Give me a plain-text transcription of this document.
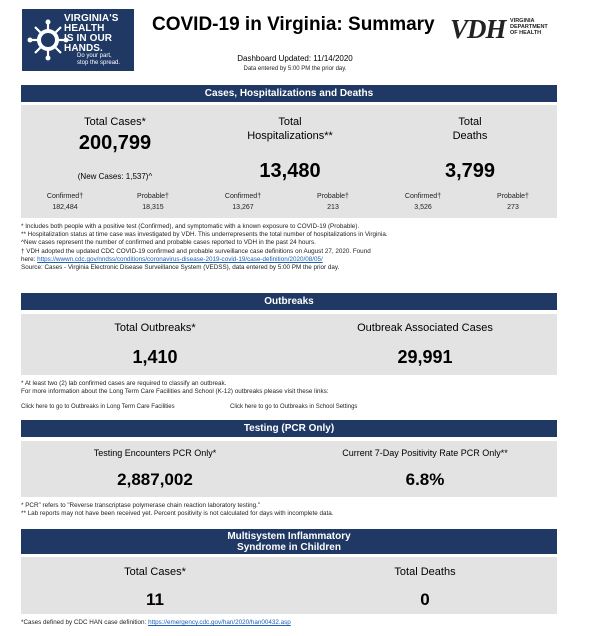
VIRGINIA'S
HEALTH
IS IN OUR
HANDS.
Do your part,
stop the spread.
COVID-19 in Virginia: Summary VDH VIRGINIA
DEPARTMENT
OF HEALTH
Dashboard Updated: 11/14/2020
Data entered by 5:00 PM the prior day.
Cases, Hospitalizations and Deaths
Total Cases*
200,799
(New Cases: 1,537)^
Confirmed†
182,484
Probable†
18,315
Total
Hospitalizations**
13,480
Confirmed†
13,267
Probable†
213
Total
Deaths
3,799
Confirmed†
3,526
Probable†
273
* Includes both people with a positive test (Confirmed), and symptomatic with a known exposure to COVID-19 (Probable).
** Hospitalization status at time case was investigated by VDH. This underrepresents the total number of hospitalizations in Virginia.
^New cases represent the number of confirmed and probable cases reported to VDH in the past 24 hours.
† VDH adopted the updated CDC COVID-19 confirmed and probable surveillance case definitions on August 27, 2020. Found
here: https://wwwn.cdc.gov/nndss/conditions/coronavirus-disease-2019-covid-19/case-definition/2020/08/05/
Source: Cases - Virginia Electronic Disease Surveillance System (VEDSS), data entered by 5:00 PM the prior day.
Outbreaks
Total Outbreaks*
1,410
Outbreak Associated Cases
29,991
* At least two (2) lab confirmed cases are required to classify an outbreak.
For more information about the Long Term Care Facilities and School (K-12) outbreaks please visit these links:
Click here to go to Outbreaks in Long Term Care Facilities	Click here to go to Outbreaks in School Settings
Testing (PCR Only)
Testing Encounters PCR Only*
2,887,002
Current 7-Day Positivity Rate PCR Only**
6.8%
* PCR" refers to "Reverse transcriptase polymerase chain reaction laboratory testing."
** Lab reports may not have been received yet. Percent positivity is not calculated for days with incomplete data.
Multisystem Inflammatory
Syndrome in Children
Total Cases*
11
Total Deaths
0
*Cases defined by CDC HAN case definition: https://emergency.cdc.gov/han/2020/han00432.asp
